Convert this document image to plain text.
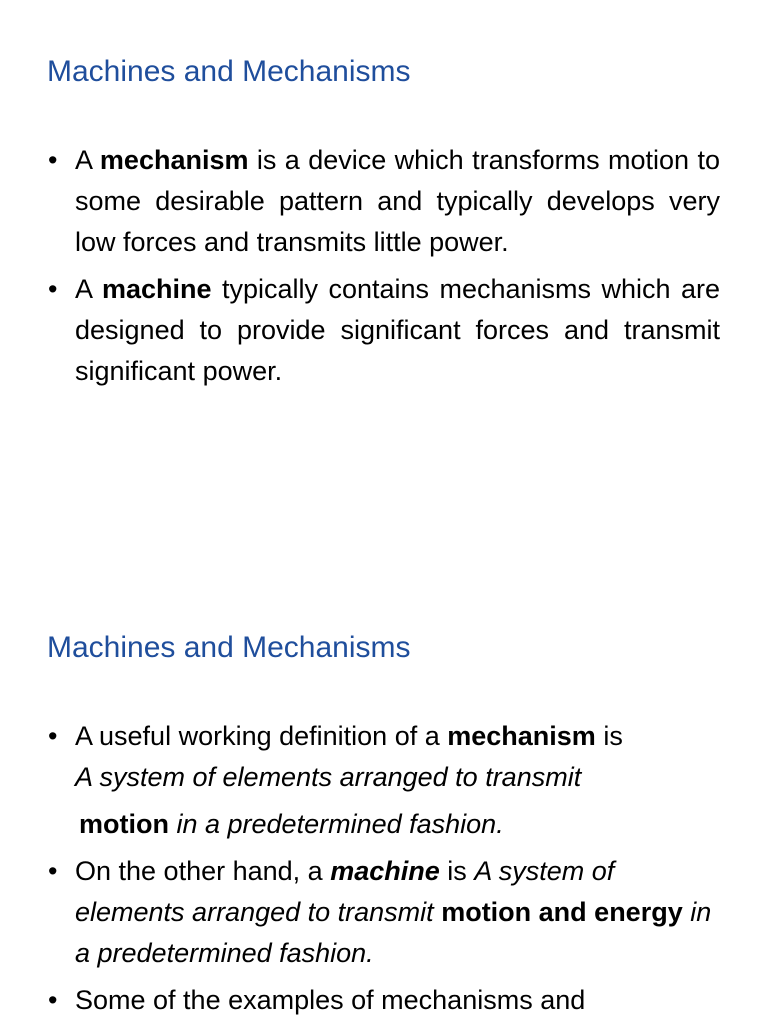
Machines and Mechanisms
• A mechanism is a device which transforms motion to some desirable pattern and typically develops very low forces and transmits little power.
• A machine typically contains mechanisms which are designed to provide significant forces and transmit significant power.
Machines and Mechanisms
• A useful working definition of a mechanism is
A system of elements arranged to transmit
motion in a predetermined fashion.
• On the other hand, a machine is A system of elements arranged to transmit motion and energy in a predetermined fashion.
• Some of the examples of mechanisms and
